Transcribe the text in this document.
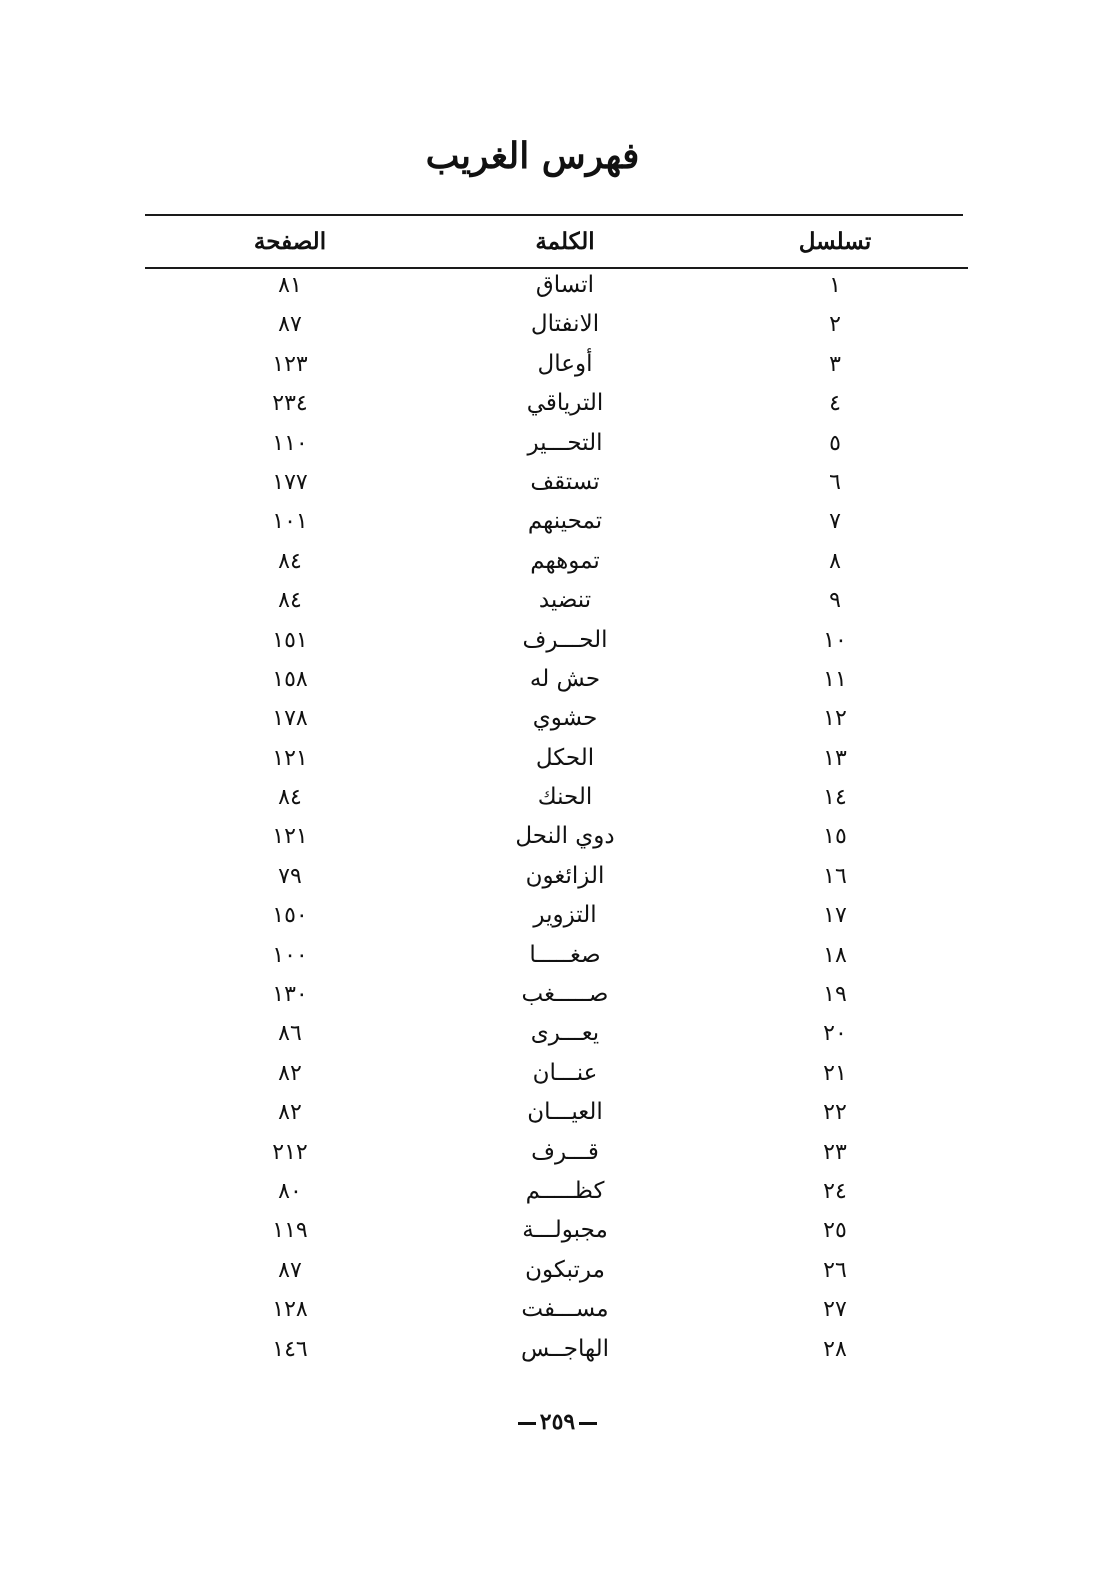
فهرس الغريب
تسلسل
الكلمة
الصفحة
١
اتساق
٨١
٢
الانفتال
٨٧
٣
أوعال
١٢٣
٤
الترياقي
٢٣٤
٥
التحـــير
١١٠
٦
تستقف
١٧٧
٧
تمحينهم
١٠١
٨
تموههم
٨٤
٩
تنضيد
٨٤
١٠
الحـــرف
١٥١
١١
حش له
١٥٨
١٢
حشوي
١٧٨
١٣
الحكل
١٢١
١٤
الحنك
٨٤
١٥
دوي النحل
١٢١
١٦
الزائغون
٧٩
١٧
التزوير
١٥٠
١٨
صغـــــا
١٠٠
١٩
صـــــغب
١٣٠
٢٠
يعـــرى
٨٦
٢١
عنـــان
٨٢
٢٢
العيـــان
٨٢
٢٣
قـــرف
٢١٢
٢٤
كظـــــم
٨٠
٢٥
مجبولـــة
١١٩
٢٦
مرتبكون
٨٧
٢٧
مســـفت
١٢٨
٢٨
الهاجــس
١٤٦
٢٥٩
